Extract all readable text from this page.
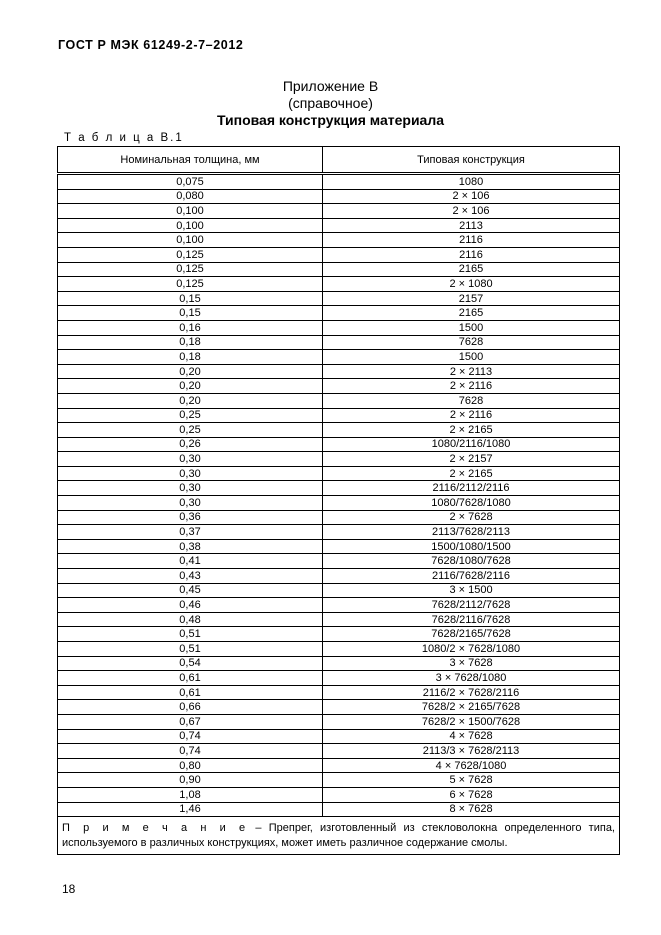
ГОСТ Р МЭК 61249-2-7–2012
Приложение В
(справочное)
Типовая конструкция материала
Т а б л и ц а В.1
Номинальная толщина, мм	Типовая конструкция
0,075	1080
0,080	2 × 106
0,100	2 × 106
0,100	2113
0,100	2116
0,125	2116
0,125	2165
0,125	2 × 1080
0,15	2157
0,15	2165
0,16	1500
0,18	7628
0,18	1500
0,20	2 × 2113
0,20	2 × 2116
0,20	7628
0,25	2 × 2116
0,25	2 × 2165
0,26	1080/2116/1080
0,30	2 × 2157
0,30	2 × 2165
0,30	2116/2112/2116
0,30	1080/7628/1080
0,36	2 × 7628
0,37	2113/7628/2113
0,38	1500/1080/1500
0,41	7628/1080/7628
0,43	2116/7628/2116
0,45	3 × 1500
0,46	7628/2112/7628
0,48	7628/2116/7628
0,51	7628/2165/7628
0,51	1080/2 × 7628/1080
0,54	3 × 7628
0,61	3 × 7628/1080
0,61	2116/2 × 7628/2116
0,66	7628/2 × 2165/7628
0,67	7628/2 × 1500/7628
0,74	4 × 7628
0,74	2113/3 × 7628/2113
0,80	4 × 7628/1080
0,90	5 × 7628
1,08	6 × 7628
1,46	8 × 7628
П р и м е ч а н и е – Препрег, изготовленный из стекловолокна определенного типа, используемого в различных конструкциях, может иметь различное содержание смолы.	
18
